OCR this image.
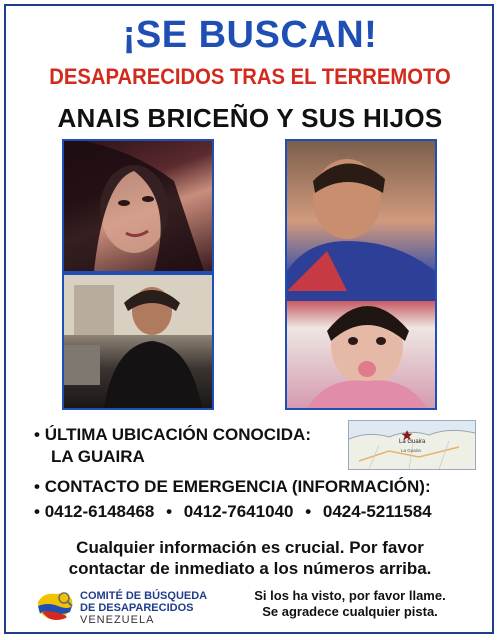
¡SE BUSCAN!
DESAPARECIDOS TRAS EL TERREMOTO
ANAIS BRICEÑO Y SUS HIJOS
• ÚLTIMA UBICACIÓN CONOCIDA:
LA GUAIRA
La Guaira
La Guaira
• CONTACTO DE EMERGENCIA (INFORMACIÓN):
• 0412-6148468 • 0412-7641040 • 0424-5211584
Cualquier información es crucial. Por favor
contactar de inmediato a los números arriba.
COMITÉ DE BÚSQUEDA
DE DESAPARECIDOS
VENEZUELA
Si los ha visto, por favor llame.
Se agradece cualquier pista.
